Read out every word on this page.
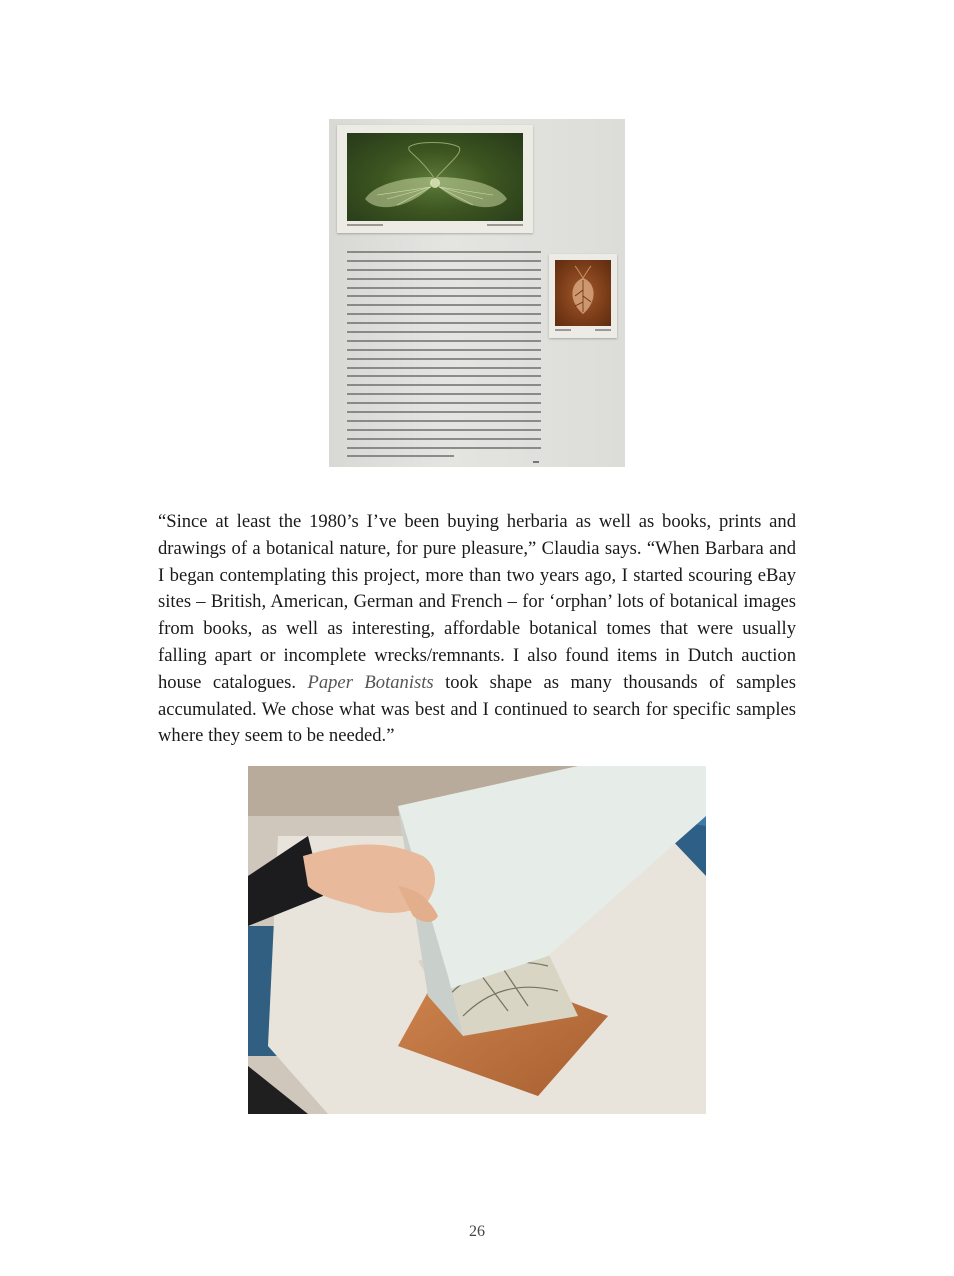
“Since at least the 1980’s I’ve been buying herbaria as well as books, prints and drawings of a botanical nature, for pure pleasure,” Claudia says. “When Barbara and I began contemplating this project, more than two years ago, I started scouring eBay sites – British, American, German and French – for ‘orphan’ lots of botanical images from books, as well as interesting, affordable botanical tomes that were usually falling apart or incomplete wrecks/remnants. I also found items in Dutch auction house catalogues. Paper Botanists took shape as many thousands of samples accumulated. We chose what was best and I continued to search for specific samples where they seem to be needed.”

26
